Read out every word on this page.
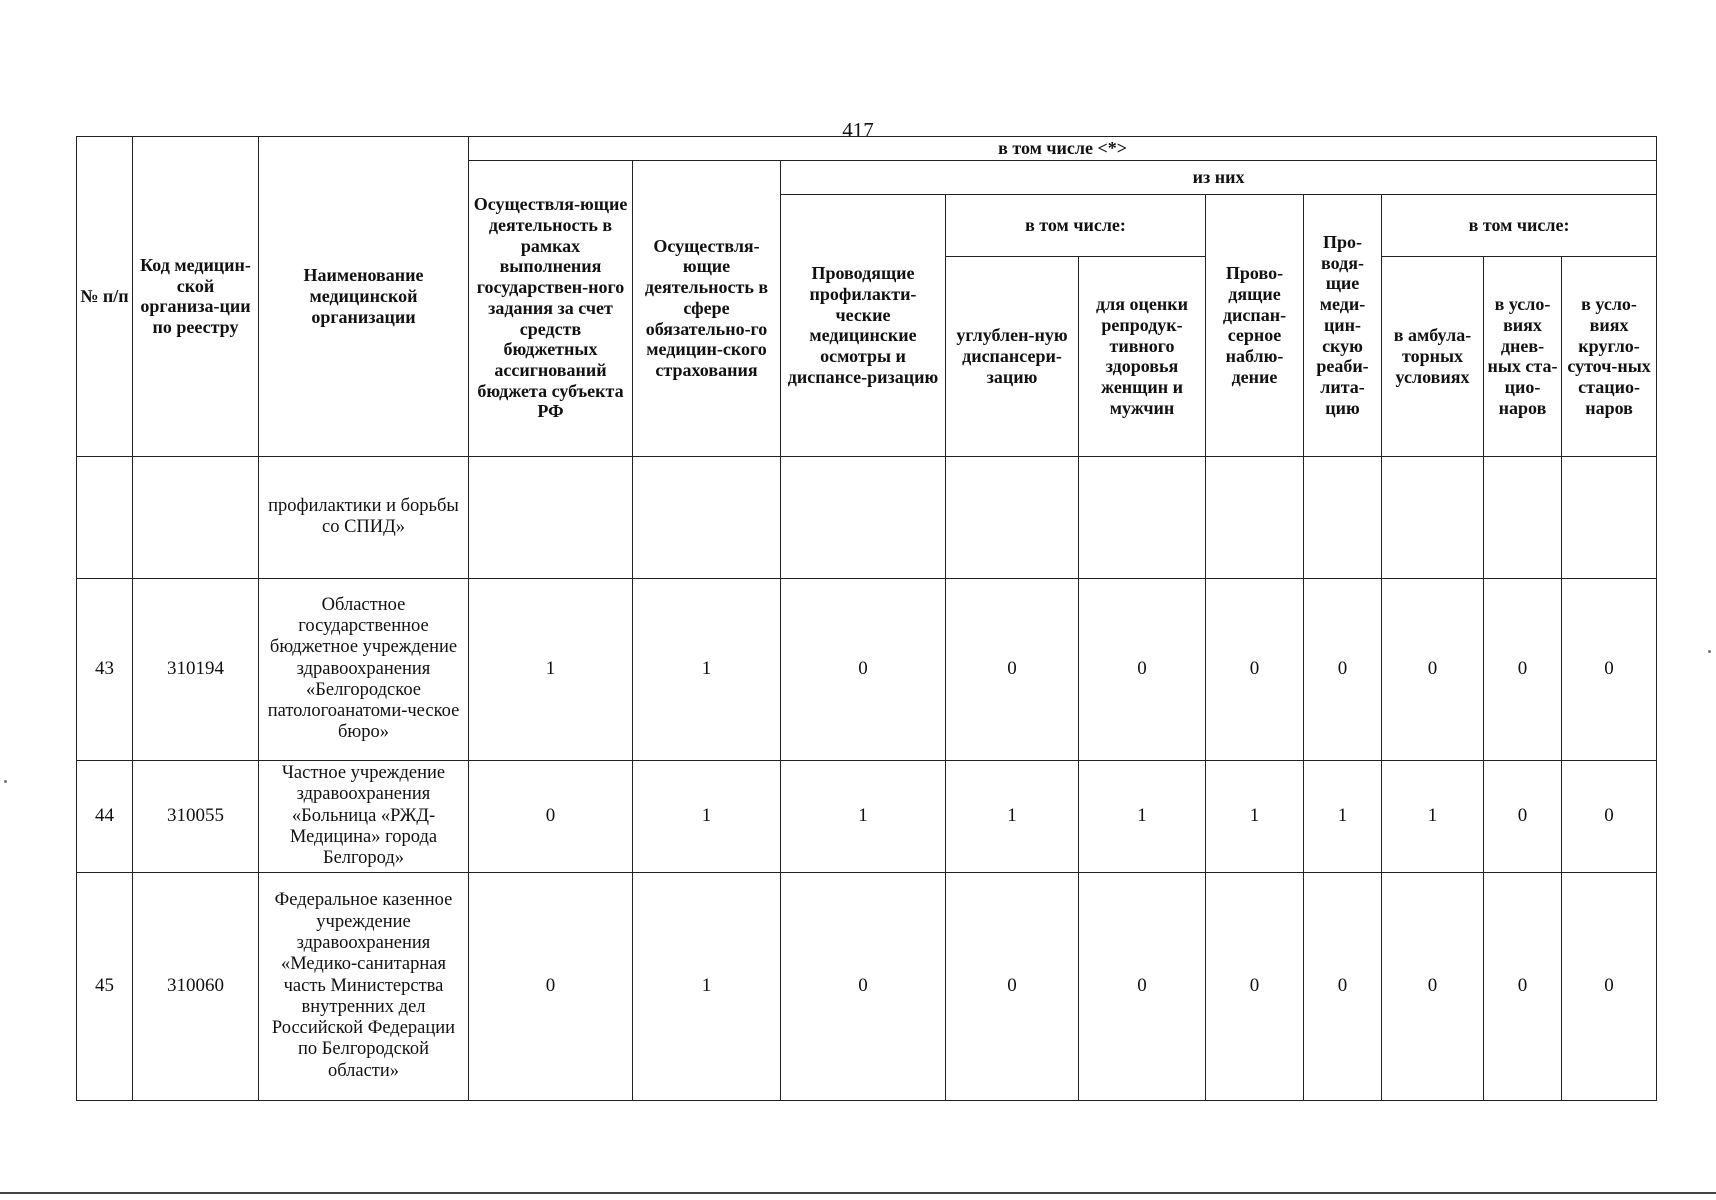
417
№ п/п	Код медицин-ской организа-ции по реестру	Наименование медицинской организации	в том числе <*>									
			Осуществля-ющие деятельность в рамках выполнения государствен-ного задания за счет средств бюджетных ассигнований бюджета субъекта РФ	Осуществля-ющие деятельность в сфере обязательно-го медицин-ского страхования	из них							
					Проводящие профилакти-ческие медицинские осмотры и диспансе-ризацию	в том числе:		Прово-дящие диспан-серное наблю-дение	Про-водя-щие меди-цин-скую реаби-лита-цию	в том числе:		
						углублен-ную диспансери-зацию	для оценки репродук-тивного здоровья женщин и мужчин			в амбула-торных условиях	в усло-виях днев-ных ста-цио-наров	в усло-виях кругло-суточ-ных стацио-наров

		профилактики и борьбы со СПИД»										
43	310194	Областное государственное бюджетное учреждение здравоохранения «Белгородское патологоанатоми-ческое бюро»	1	1	0	0	0	0	0	0	0	0
44	310055	Частное учреждение здравоохранения «Больница «РЖД-Медицина» города Белгород»	0	1	1	1	1	1	1	1	0	0
45	310060	Федеральное казенное учреждение здравоохранения «Медико-санитарная часть Министерства внутренних дел Российской Федерации по Белгородской области»	0	1	0	0	0	0	0	0	0	0
